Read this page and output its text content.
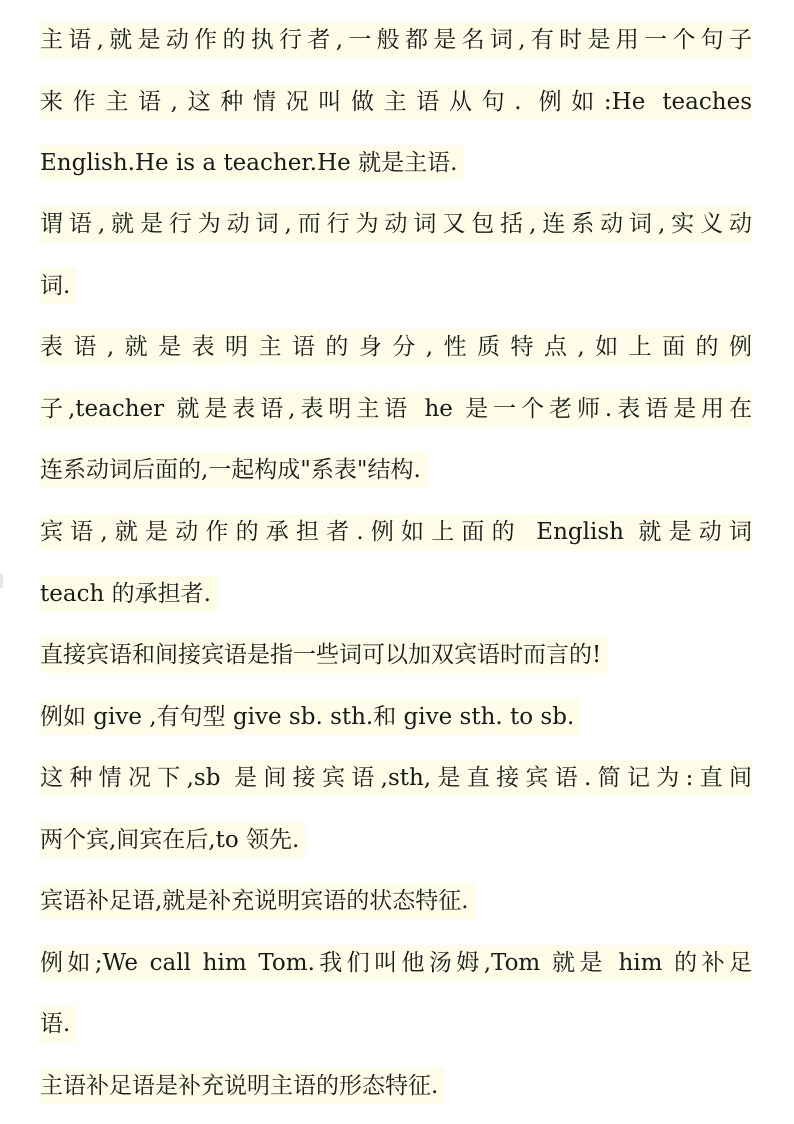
主语,就是动作的执行者,一般都是名词,有时是用一个句子
来作主语,这种情况叫做主语从句. 例如:He teaches
English.He is a teacher.He 就是主语.
谓语,就是行为动词,而行为动词又包括,连系动词,实义动
词.
表语,就是表明主语的身分,性质特点,如上面的例
子,teacher 就是表语,表明主语 he 是一个老师.表语是用在
连系动词后面的,一起构成"系表"结构.
宾语,就是动作的承担者.例如上面的 English 就是动词
teach 的承担者.
直接宾语和间接宾语是指一些词可以加双宾语时而言的!
例如 give ,有句型 give sb. sth.和 give sth. to sb.
这种情况下,sb 是间接宾语,sth,是直接宾语.简记为:直间
两个宾,间宾在后,to 领先.
宾语补足语,就是补充说明宾语的状态特征.
例如;We call him Tom.我们叫他汤姆,Tom 就是 him 的补足
语.
主语补足语是补充说明主语的形态特征.
